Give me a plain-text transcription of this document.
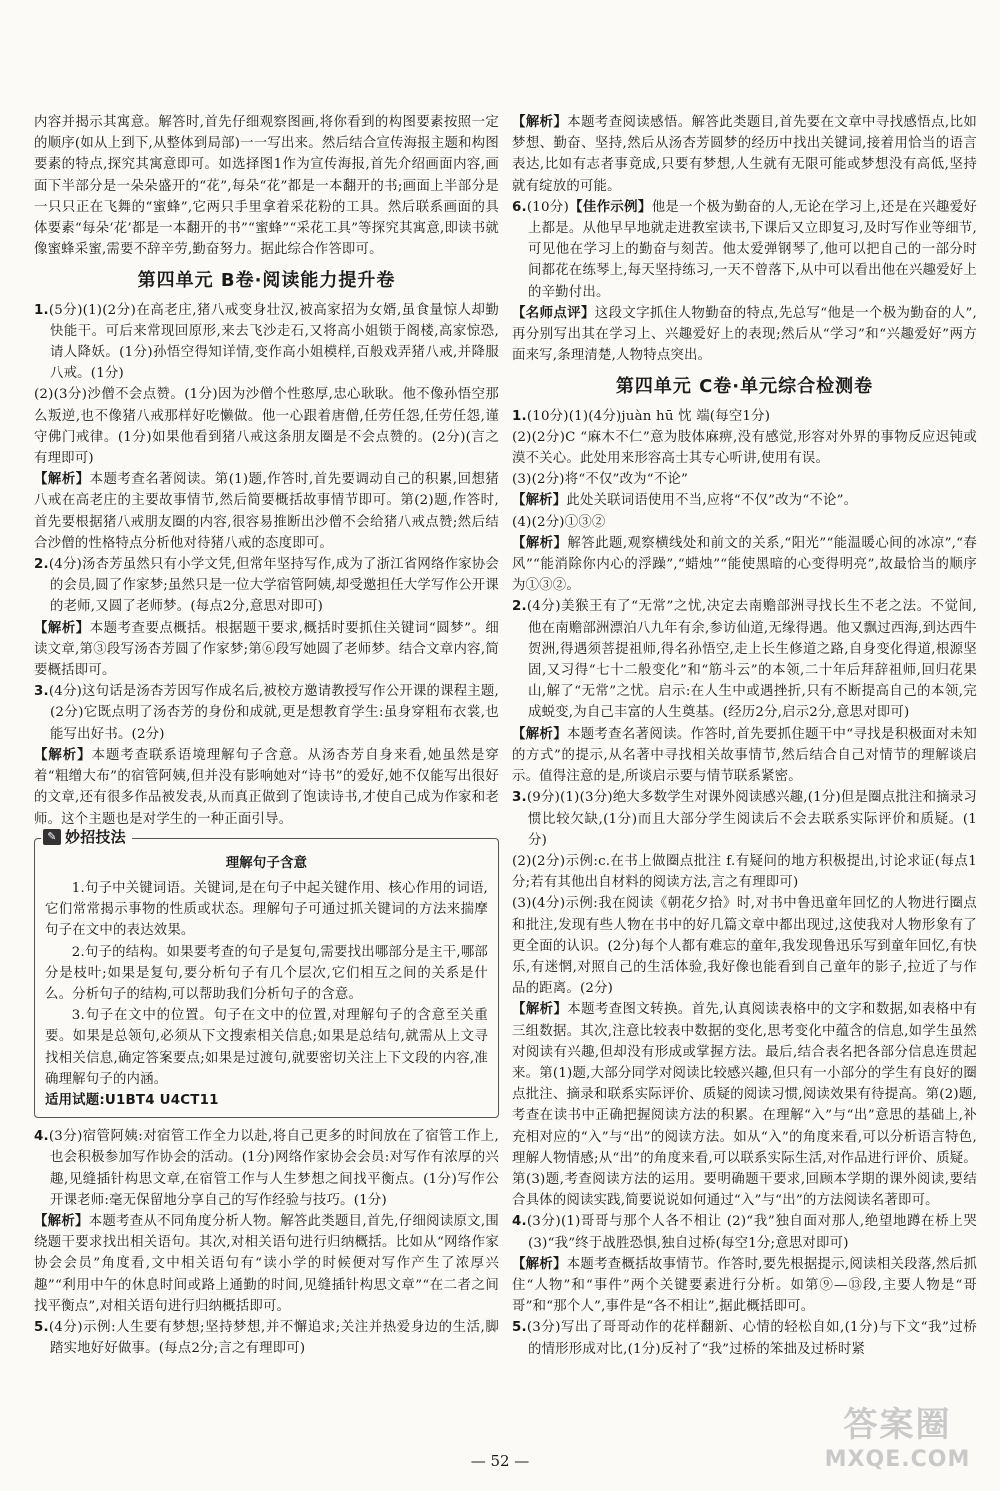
内容并揭示其寓意。解答时,首先仔细观察图画,将你看到的构图要素按照一定的顺序(如从上到下,从整体到局部)一一写出来。然后结合宣传海报主题和构图要素的特点,探究其寓意即可。如选择图1作为宣传海报,首先介绍画面内容,画面下半部分是一朵朵盛开的“花”,每朵“花”都是一本翻开的书;画面上半部分是一只只正在飞舞的“蜜蜂”,它两只手里拿着采花粉的工具。然后联系画面的具体要素“每朵‘花’都是一本翻开的书”“蜜蜂”“采花工具”等探究其寓意,即读书就像蜜蜂采蜜,需要不辞辛劳,勤奋努力。据此综合作答即可。

第四单元 B卷·阅读能力提升卷

1.(5分)(1)(2分)在高老庄,猪八戒变身壮汉,被高家招为女婿,虽食量惊人却勤快能干。可后来常现回原形,来去飞沙走石,又将高小姐锁于阁楼,高家惊恐,请人降妖。(1分)孙悟空得知详情,变作高小姐模样,百般戏弄猪八戒,并降服八戒。(1分)

(2)(3分)沙僧不会点赞。(1分)因为沙僧个性憨厚,忠心耿耿。他不像孙悟空那么叛逆,也不像猪八戒那样好吃懒做。他一心跟着唐僧,任劳任怨,任劳任怨,谨守佛门戒律。(1分)如果他看到猪八戒这条朋友圈是不会点赞的。(2分)(言之有理即可)

【解析】本题考查名著阅读。第(1)题,作答时,首先要调动自己的积累,回想猪八戒在高老庄的主要故事情节,然后简要概括故事情节即可。第(2)题,作答时,首先要根据猪八戒朋友圈的内容,很容易推断出沙僧不会给猪八戒点赞;然后结合沙僧的性格特点分析他对待猪八戒的态度即可。

2.(4分)汤杏芳虽然只有小学文凭,但常年坚持写作,成为了浙江省网络作家协会的会员,圆了作家梦;虽然只是一位大学宿管阿姨,却受邀担任大学写作公开课的老师,又圆了老师梦。(每点2分,意思对即可)

【解析】本题考查要点概括。根据题干要求,概括时要抓住关键词“圆梦”。细读文章,第③段写汤杏芳圆了作家梦;第⑥段写她圆了老师梦。结合文章内容,简要概括即可。

3.(4分)这句话是汤杏芳因写作成名后,被校方邀请教授写作公开课的课程主题,(2分)它既点明了汤杏芳的身份和成就,更是想教育学生:虽身穿粗布衣裳,也能写出好书。(2分)

【解析】本题考查联系语境理解句子含意。从汤杏芳自身来看,她虽然是穿着“粗缯大布”的宿管阿姨,但并没有影响她对“诗书”的爱好,她不仅能写出很好的文章,还有很多作品被发表,从而真正做到了饱读诗书,才使自己成为作家和老师。这个主题也是对学生的一种正面引导。

✎ 妙招技法
理解句子含意

1.句子中关键词语。关键词,是在句子中起关键作用、核心作用的词语,它们常常揭示事物的性质或状态。理解句子可通过抓关键词的方法来揣摩句子在文中的表达效果。

2.句子的结构。如果要考查的句子是复句,需要找出哪部分是主干,哪部分是枝叶;如果是复句,要分析句子有几个层次,它们相互之间的关系是什么。分析句子的结构,可以帮助我们分析句子的含意。

3.句子在文中的位置。句子在文中的位置,对理解句子的含意至关重要。如果是总领句,必须从下文搜索相关信息;如果是总结句,就需从上文寻找相关信息,确定答案要点;如果是过渡句,就要密切关注上下文段的内容,准确理解句子的内涵。

适用试题:U1BT4 U4CT11

4.(3分)宿管阿姨:对宿管工作全力以赴,将自己更多的时间放在了宿管工作上,也会积极参加写作协会的活动。(1分)网络作家协会会员:对写作有浓厚的兴趣,见缝插针构思文章,在宿管工作与人生梦想之间找平衡点。(1分)写作公开课老师:毫无保留地分享自己的写作经验与技巧。(1分)

【解析】本题考查从不同角度分析人物。解答此类题目,首先,仔细阅读原文,围绕题干要求找出相关语句。其次,对相关语句进行归纳概括。比如从“网络作家协会会员”角度看,文中相关语句有“读小学的时候便对写作产生了浓厚兴趣”“利用中午的休息时间或路上通勤的时间,见缝插针构思文章”“在二者之间找平衡点”,对相关语句进行归纳概括即可。

5.(4分)示例:人生要有梦想;坚持梦想,并不懈追求;关注并热爱身边的生活,脚踏实地好好做事。(每点2分;言之有理即可)

【解析】本题考查阅读感悟。解答此类题目,首先要在文章中寻找感悟点,比如梦想、勤奋、坚持,然后从汤杏芳圆梦的经历中找出关键词,接着用恰当的语言表达,比如有志者事竟成,只要有梦想,人生就有无限可能或梦想没有高低,坚持就有绽放的可能。

6.(10分)【佳作示例】他是一个极为勤奋的人,无论在学习上,还是在兴趣爱好上都是。从他早早地就走进教室读书,下课后又立即复习,及时写作业等细节,可见他在学习上的勤奋与刻苦。他太爱弹钢琴了,他可以把自己的一部分时间都花在练琴上,每天坚持练习,一天不曾落下,从中可以看出他在兴趣爱好上的辛勤付出。

【名师点评】这段文字抓住人物勤奋的特点,先总写“他是一个极为勤奋的人”,再分别写出其在学习上、兴趣爱好上的表现;然后从“学习”和“兴趣爱好”两方面来写,条理清楚,人物特点突出。

第四单元 C卷·单元综合检测卷

1.(10分)(1)(4分)juàn hū 忱 端(每空1分)

(2)(2分)C “麻木不仁”意为肢体麻痹,没有感觉,形容对外界的事物反应迟钝或漠不关心。此处用来形容高士其专心听讲,使用有误。

(3)(2分)将“不仅”改为“不论”

【解析】此处关联词语使用不当,应将“不仅”改为“不论”。

(4)(2分)①③②

【解析】解答此题,观察横线处和前文的关系,“阳光”“能温暖心间的冰凉”,“春风”“能消除你内心的浮躁”,“蜡烛”“能使黑暗的心变得明亮”,故最恰当的顺序为①③②。

2.(4分)美猴王有了“无常”之忧,决定去南赡部洲寻找长生不老之法。不觉间,他在南赡部洲漂泊八九年有余,参访仙道,无缘得遇。他又飘过西海,到达西牛贺洲,得遇须菩提祖师,得名孙悟空,走上长生修道之路,自身变化得道,根源坚固,又习得“七十二般变化”和“筋斗云”的本领,二十年后拜辞祖师,回归花果山,解了“无常”之忧。启示:在人生中或遇挫折,只有不断提高自己的本领,完成蜕变,为自己丰富的人生奠基。(经历2分,启示2分,意思对即可)

【解析】本题考查名著阅读。作答时,首先要抓住题干中“寻找是积极面对未知的方式”的提示,从名著中寻找相关故事情节,然后结合自己对情节的理解谈启示。值得注意的是,所谈启示要与情节联系紧密。

3.(9分)(1)(3分)绝大多数学生对课外阅读感兴趣,(1分)但是圈点批注和摘录习惯比较欠缺,(1分)而且大部分学生阅读后不会去联系实际评价和质疑。(1分)

(2)(2分)示例:c.在书上做圈点批注 f.有疑问的地方积极提出,讨论求证(每点1分;若有其他出自材料的阅读方法,言之有理即可)

(3)(4分)示例:我在阅读《朝花夕拾》时,对书中鲁迅童年回忆的人物进行圈点和批注,发现有些人物在书中的好几篇文章中都出现过,这使我对人物形象有了更全面的认识。(2分)每个人都有难忘的童年,我发现鲁迅乐写到童年回忆,有快乐,有迷惘,对照自己的生活体验,我好像也能看到自己童年的影子,拉近了与作品的距离。(2分)

【解析】本题考查图文转换。首先,认真阅读表格中的文字和数据,如表格中有三组数据。其次,注意比较表中数据的变化,思考变化中蕴含的信息,如学生虽然对阅读有兴趣,但却没有形成或掌握方法。最后,结合表名把各部分信息连贯起来。第(1)题,大部分同学对阅读比较感兴趣,但只有一小部分的学生有良好的圈点批注、摘录和联系实际评价、质疑的阅读习惯,阅读效果有待提高。第(2)题,考查在读书中正确把握阅读方法的积累。在理解“入”与“出”意思的基础上,补充相对应的“入”与“出”的阅读方法。如从“入”的角度来看,可以分析语言特色,理解人物情感;从“出”的角度来看,可以联系实际生活,对作品进行评价、质疑。第(3)题,考查阅读方法的运用。要明确题干要求,回顾本学期的课外阅读,要结合具体的阅读实践,简要说说如何通过“入”与“出”的方法阅读名著即可。

4.(3分)(1)哥哥与那个人各不相让 (2)“我”独自面对那人,绝望地蹲在桥上哭 (3)“我”终于战胜恐惧,独自过桥(每空1分;意思对即可)

【解析】本题考查概括故事情节。作答时,要先根据提示,阅读相关段落,然后抓住“人物”和“事件”两个关键要素进行分析。如第⑨—⑬段,主要人物是“哥哥”和“那个人”,事件是“各不相让”,据此概括即可。

5.(3分)写出了哥哥动作的花样翻新、心情的轻松自如,(1分)与下文“我”过桥的情形形成对比,(1分)反衬了“我”过桥的笨拙及过桥时紧

— 52 —
答案圈
MXQE.COM
